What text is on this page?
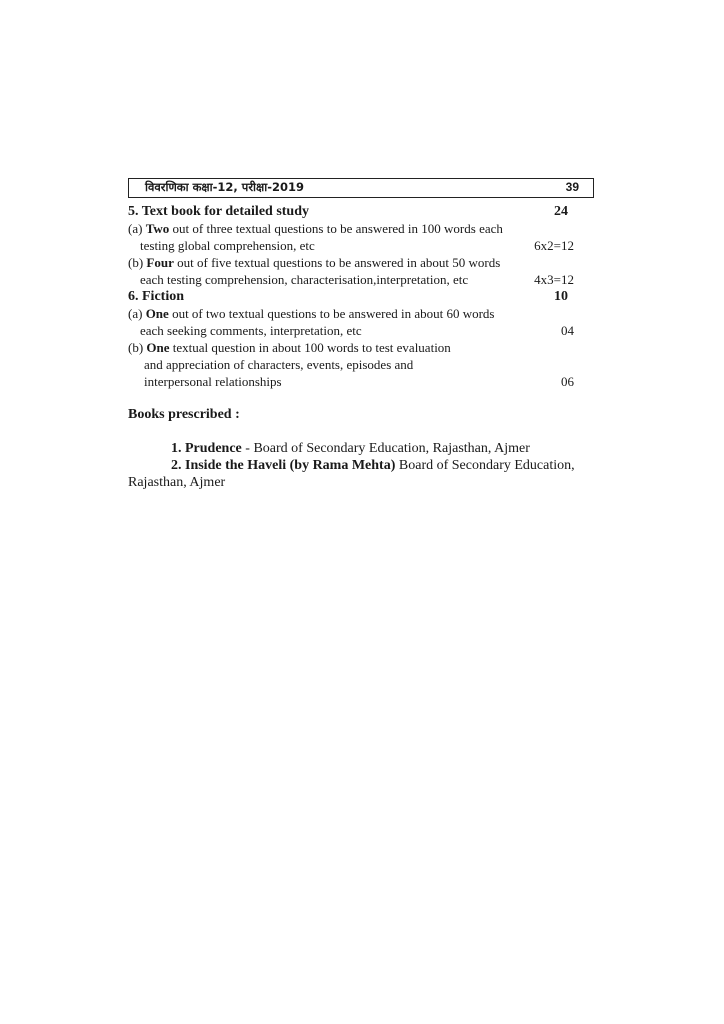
विवरणिका कक्षा-12, परीक्षा-2019	39
5. Text book for detailed study	24
(a) Two out of three textual questions to be answered in 100 words each
testing global comprehension, etc	6x2=12
(b) Four out of five textual questions to be answered in about 50 words
each testing comprehension, characterisation,interpretation, etc	4x3=12
6. Fiction	10
(a) One out of two textual questions to be answered in about 60 words
each seeking comments, interpretation, etc	04
(b) One textual question in about 100 words to test evaluation
and appreciation of characters, events, episodes and
interpersonal relationships	06
Books prescribed :
1. Prudence - Board of Secondary Education, Rajasthan, Ajmer
2. Inside the Haveli (by Rama Mehta) Board of Secondary Education,
Rajasthan, Ajmer
